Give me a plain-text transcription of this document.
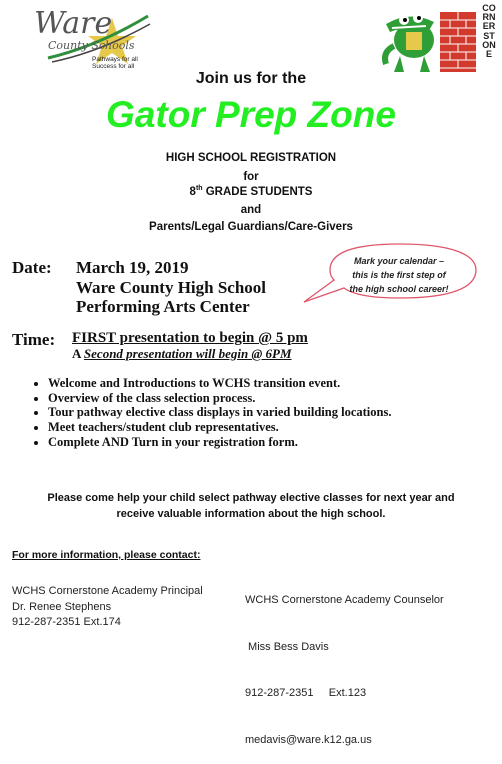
Ware
County Schools
Pathways for all
Success for all
CORNERSTONE
Join us for the
Gator Prep Zone
HIGH SCHOOL REGISTRATION
for
8th GRADE STUDENTS
and
Parents/Legal Guardians/Care-Givers
Date: March 19, 2019
Ware County High School
Performing Arts Center
Mark your calendar –
this is the first step of
the high school career!
Time: FIRST presentation to begin @ 5 pm
A Second presentation will begin @ 6PM
• Welcome and Introductions to WCHS transition event.
• Overview of the class selection process.
• Tour pathway elective class displays in varied building locations.
• Meet teachers/student club representatives.
• Complete AND Turn in your registration form.
Please come help your child select pathway elective classes for next year and
receive valuable information about the high school.
For more information, please contact:
WCHS Cornerstone Academy Principal
Dr. Renee Stephens
912-287-2351 Ext.174

WCHS Cornerstone Academy Counselor

Miss Bess Davis

912-287-2351     Ext.123

medavis@ware.k12.ga.us
